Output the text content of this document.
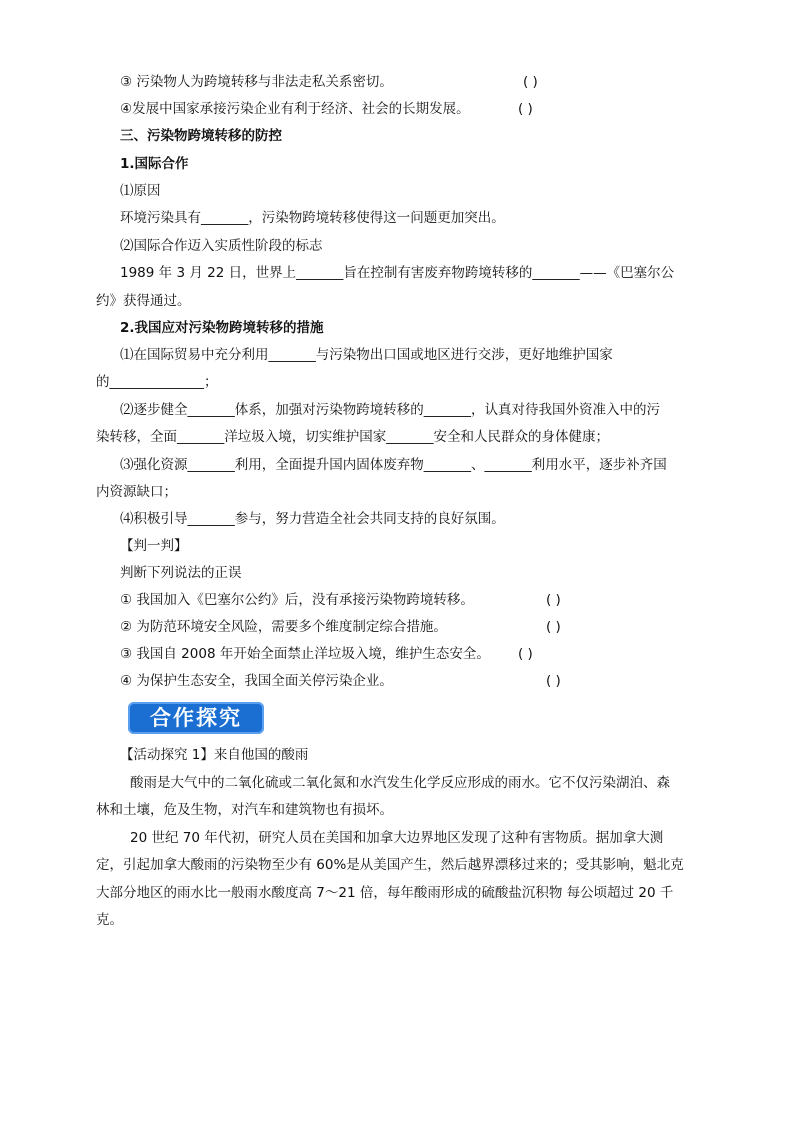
③ 污染物人为跨境转移与非法走私关系密切。	( )
④发展中国家承接污染企业有利于经济、社会的长期发展。	( )
三、污染物跨境转移的防控
1.国际合作
⑴原因
环境污染具有_______，污染物跨境转移使得这一问题更加突出。
⑵国际合作迈入实质性阶段的标志
1989 年 3 月 22 日，世界上_______旨在控制有害废弃物跨境转移的_______——《巴塞尔公
约》获得通过。
2.我国应对污染物跨境转移的措施
⑴在国际贸易中充分利用_______与污染物出口国或地区进行交涉，更好地维护国家
的______________；
⑵逐步健全_______体系，加强对污染物跨境转移的_______，认真对待我国外资准入中的污
染转移，全面_______洋垃圾入境，切实维护国家_______安全和人民群众的身体健康；
⑶强化资源_______利用，全面提升国内固体废弃物_______、_______利用水平，逐步补齐国
内资源缺口；
⑷积极引导_______参与，努力营造全社会共同支持的良好氛围。
【判一判】
判断下列说法的正误
① 我国加入《巴塞尔公约》后，没有承接污染物跨境转移。	( )
② 为防范环境安全风险，需要多个维度制定综合措施。	( )
③ 我国自 2008 年开始全面禁止洋垃圾入境，维护生态安全。 ( )
④ 为保护生态安全，我国全面关停污染企业。	( )
合作探究
【活动探究 1】来自他国的酸雨
酸雨是大气中的二氧化硫或二氧化氮和水汽发生化学反应形成的雨水。它不仅污染湖泊、森
林和土壤，危及生物，对汽车和建筑物也有损坏。
20 世纪 70 年代初，研究人员在美国和加拿大边界地区发现了这种有害物质。据加拿大测
定，引起加拿大酸雨的污染物至少有 60%是从美国产生，然后越界漂移过来的；受其影响，魁北克
大部分地区的雨水比一般雨水酸度高 7～21 倍，每年酸雨形成的硫酸盐沉积物 每公顷超过 20 千
克。
